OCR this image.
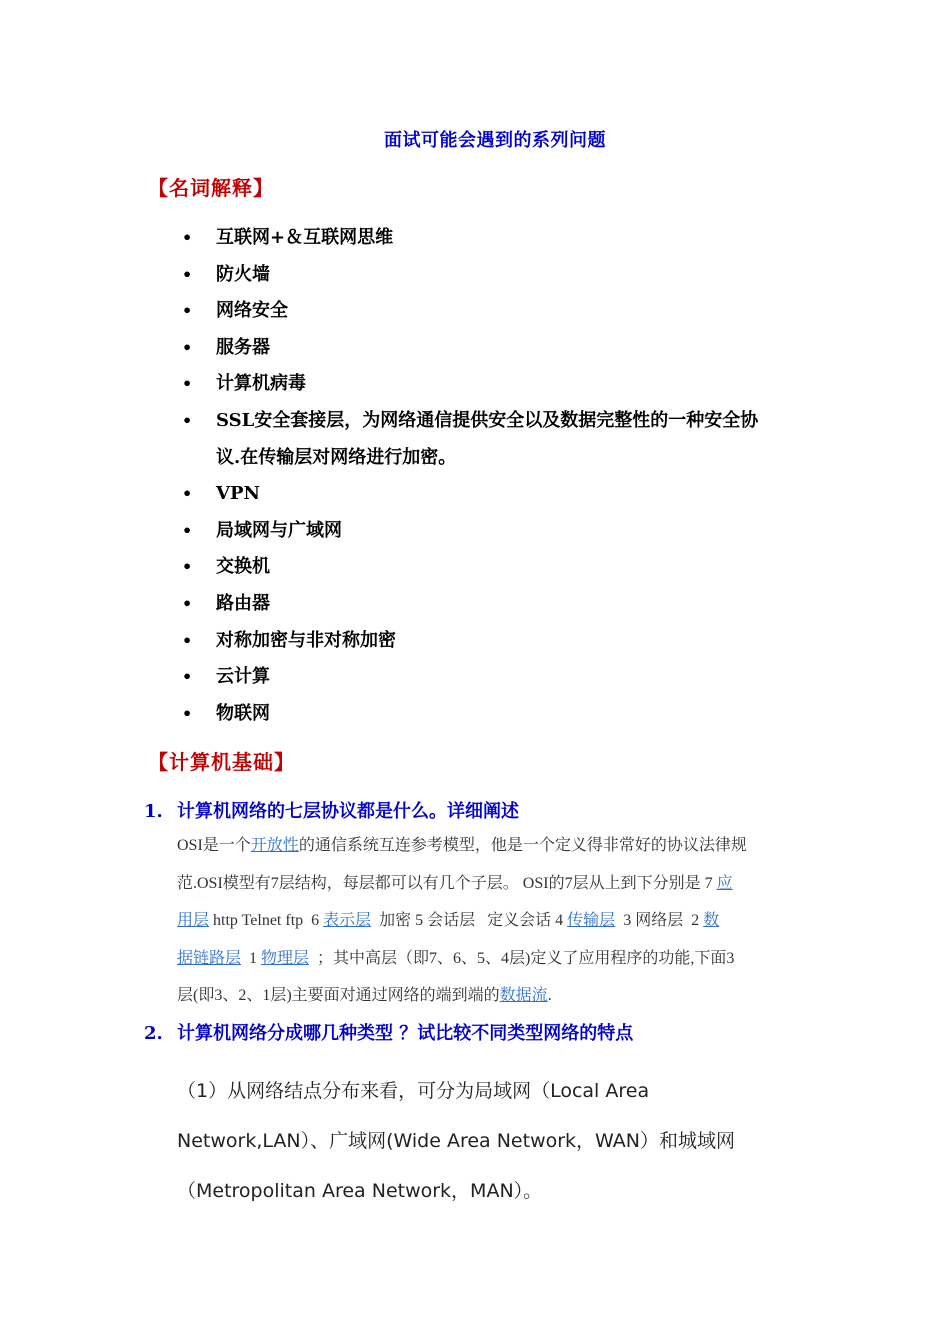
面试可能会遇到的系列问题
【名词解释】
• 互联网+＆互联网思维
• 防火墙
• 网络安全
• 服务器
• 计算机病毒
• SSL安全套接层，为网络通信提供安全以及数据完整性的一种安全协
议.在传输层对网络进行加密。
• VPN
• 局域网与广域网
• 交换机
• 路由器
• 对称加密与非对称加密
• 云计算
• 物联网
【计算机基础】
1. 计算机网络的七层协议都是什么。详细阐述
OSI是一个开放性的通信系统互连参考模型，他是一个定义得非常好的协议法律规
范.OSI模型有7层结构，每层都可以有几个子层。 OSI的7层从上到下分别是 7 应
用层 http Telnet ftp  6 表示层  加密 5 会话层   定义会话 4 传输层  3 网络层  2 数
据链路层  1 物理层  ；其中高层（即7、6、5、4层)定义了应用程序的功能,下面3
层(即3、2、1层)主要面对通过网络的端到端的数据流.
2. 计算机网络分成哪几种类型 ？试比较不同类型网络的特点
（1）从网络结点分布来看，可分为局域网（Local Area
Network,LAN）、广域网(Wide Area Network，WAN）和城域网
（Metropolitan Area Network，MAN）。
